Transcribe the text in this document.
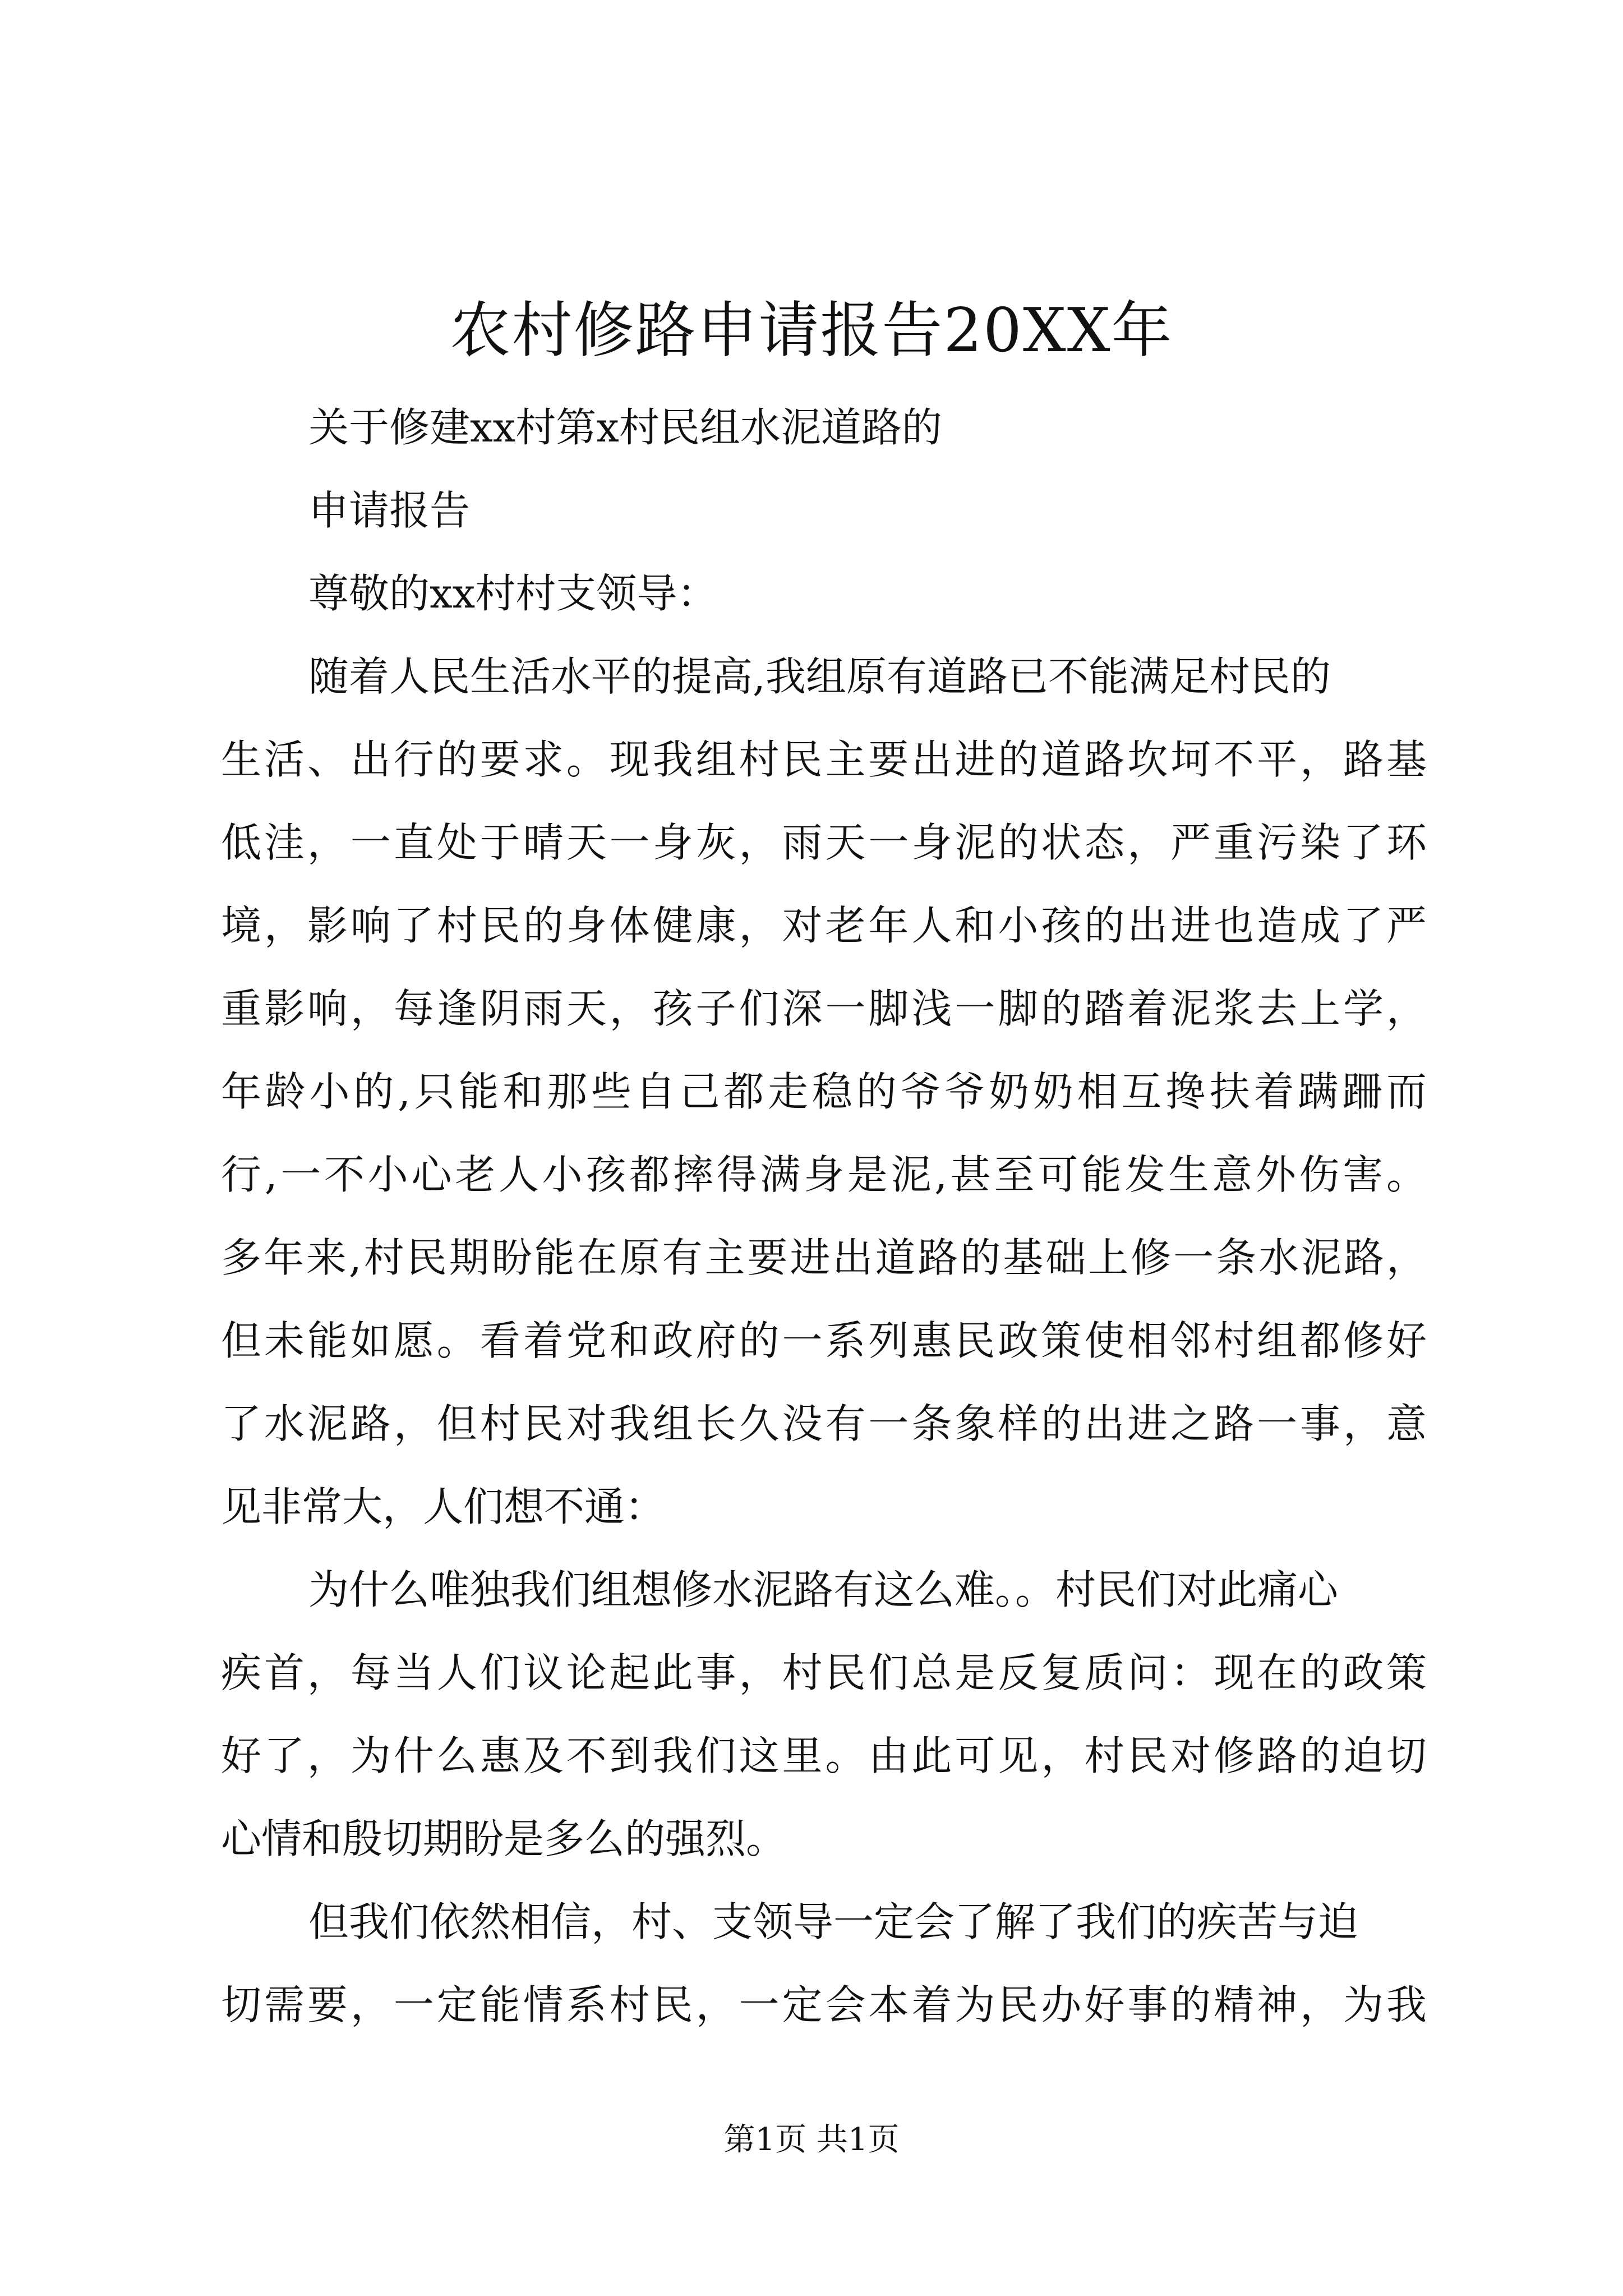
农村修路申请报告20XX年

关于修建xx村第x村民组水泥道路的

申请报告

尊敬的xx村村支领导：

随着人民生活水平的提高,我组原有道路已不能满足村民的

生活、出行的要求。现我组村民主要出进的道路坎坷不平，路基

低洼，一直处于晴天一身灰，雨天一身泥的状态，严重污染了环

境，影响了村民的身体健康，对老年人和小孩的出进也造成了严

重影响，每逢阴雨天，孩子们深一脚浅一脚的踏着泥浆去上学，

年龄小的,只能和那些自己都走稳的爷爷奶奶相互搀扶着蹒跚而

行,一不小心老人小孩都摔得满身是泥,甚至可能发生意外伤害。

多年来,村民期盼能在原有主要进出道路的基础上修一条水泥路，

但未能如愿。看着党和政府的一系列惠民政策使相邻村组都修好

了水泥路，但村民对我组长久没有一条象样的出进之路一事，意

见非常大，人们想不通：

为什么唯独我们组想修水泥路有这么难。。村民们对此痛心

疾首，每当人们议论起此事，村民们总是反复质问：现在的政策

好了，为什么惠及不到我们这里。由此可见，村民对修路的迫切

心情和殷切期盼是多么的强烈。

但我们依然相信，村、支领导一定会了解了我们的疾苦与迫

切需要，一定能情系村民，一定会本着为民办好事的精神，为我

第1页 共1页
